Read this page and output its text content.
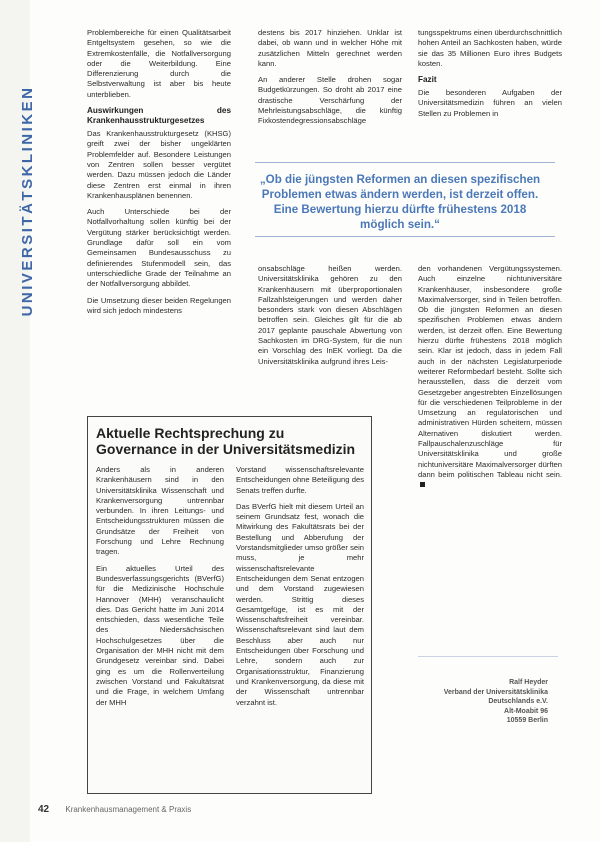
UNIVERSITÄTSKLINIKEN

Problembereiche für einen Qualitätsarbeit Entgeltsystem gesehen, so wie die Extremkostenfälle, die Notfallversorgung oder die Weiterbildung. Eine Differenzierung durch die Selbstverwaltung ist aber bis heute unterblieben.

Auswirkungen des Krankenhausstrukturgesetzes

Das Krankenhausstrukturgesetz (KHSG) greift zwei der bisher ungeklärten Problemfelder auf. Besondere Leistungen von Zentren sollen besser vergütet werden. Dazu müssen jedoch die Länder diese Zentren erst einmal in ihren Krankenhausplänen benennen.

Auch Unterschiede bei der Notfallvorhaltung sollen künftig bei der Vergütung stärker berücksichtigt werden. Grundlage dafür soll ein vom Gemeinsamen Bundesausschuss zu definierendes Stufenmodell sein, das unterschiedliche Grade der Teilnahme an der Notfallversorgung abbildet.

Die Umsetzung dieser beiden Regelungen wird sich jedoch mindestens

destens bis 2017 hinziehen. Unklar ist dabei, ob wann und in welcher Höhe mit zusätzlichen Mitteln gerechnet werden kann.

An anderer Stelle drohen sogar Budgetkürzungen. So droht ab 2017 eine drastische Verschärfung der Mehrleistungsabschläge, die künftig Fixkostendegressionsabschläge

tungsspektrums einen überdurchschnittlich hohen Anteil an Sachkosten haben, würde sie das 35 Millionen Euro ihres Budgets kosten.

Fazit

Die besonderen Aufgaben der Universitätsmedizin führen an vielen Stellen zu Problemen in

„Ob die jüngsten Reformen an diesen spezifischen Problemen etwas ändern werden, ist derzeit offen. Eine Bewertung hierzu dürfte frühestens 2018 möglich sein.“

onsabschläge heißen werden. Universitätsklinika gehören zu den Krankenhäusern mit überproportionalen Fallzahlsteigerungen und werden daher besonders stark von diesen Abschlägen betroffen sein. Gleiches gilt für die ab 2017 geplante pauschale Abwertung von Sachkosten im DRG-System, für die nun ein Vorschlag des InEK vorliegt. Da die Universitätsklinika aufgrund ihres Leis-

den vorhandenen Vergütungssystemen. Auch einzelne nichtuniversitäre Krankenhäuser, insbesondere große Maximalversorger, sind in Teilen betroffen. Ob die jüngsten Reformen an diesen spezifischen Problemen etwas ändern werden, ist derzeit offen. Eine Bewertung hierzu dürfte frühestens 2018 möglich sein. Klar ist jedoch, dass in jedem Fall auch in der nächsten Legislaturperiode weiterer Reformbedarf besteht. Sollte sich herausstellen, dass die derzeit vom Gesetzgeber angestrebten Einzellösungen für die verschiedenen Teilprobleme in der Umsetzung an regulatorischen und administrativen Hürden scheitern, müssen Alternativen diskutiert werden. Fallpauschalenzuschläge für Universitätsklinika und große nichtuniversitäre Maximalversorger dürften dann beim politischen Tableau nicht sein.

Aktuelle Rechtsprechung zu Governance in der Universitätsmedizin

Anders als in anderen Krankenhäusern sind in den Universitätsklinika Wissenschaft und Krankenversorgung untrennbar verbunden. In ihren Leitungs- und Entscheidungsstrukturen müssen die Grundsätze der Freiheit von Forschung und Lehre Rechnung tragen.

Ein aktuelles Urteil des Bundesverfassungsgerichts (BVerfG) für die Medizinische Hochschule Hannover (MHH) veranschaulicht dies. Das Gericht hatte im Juni 2014 entschieden, dass wesentliche Teile des Niedersächsischen Hochschulgesetzes über die Organisation der MHH nicht mit dem Grundgesetz vereinbar sind. Dabei ging es um die Rollenverteilung zwischen Vorstand und Fakultätsrat und die Frage, in welchem Umfang der MHH

Vorstand wissenschaftsrelevante Entscheidungen ohne Beteiligung des Senats treffen durfte.

Das BVerfG hielt mit diesem Urteil an seinem Grundsatz fest, wonach die Mitwirkung des Fakultätsrats bei der Bestellung und Abberufung der Vorstandsmitglieder umso größer sein muss, je mehr wissenschaftsrelevante Entscheidungen dem Senat entzogen und dem Vorstand zugewiesen werden. Strittig dieses Gesamtgefüge, ist es mit der Wissenschaftsfreiheit vereinbar. Wissenschaftsrelevant sind laut dem Beschluss aber auch nur Entscheidungen über Forschung und Lehre, sondern auch zur Organisationsstruktur, Finanzierung und Krankenversorgung, da diese mit der Wissenschaft untrennbar verzahnt ist.

Ralf Heyder
Verband der Universitätsklinika Deutschlands e.V.
Alt-Moabit 96
10559 Berlin
42 Krankenhausmanagement & Praxis
